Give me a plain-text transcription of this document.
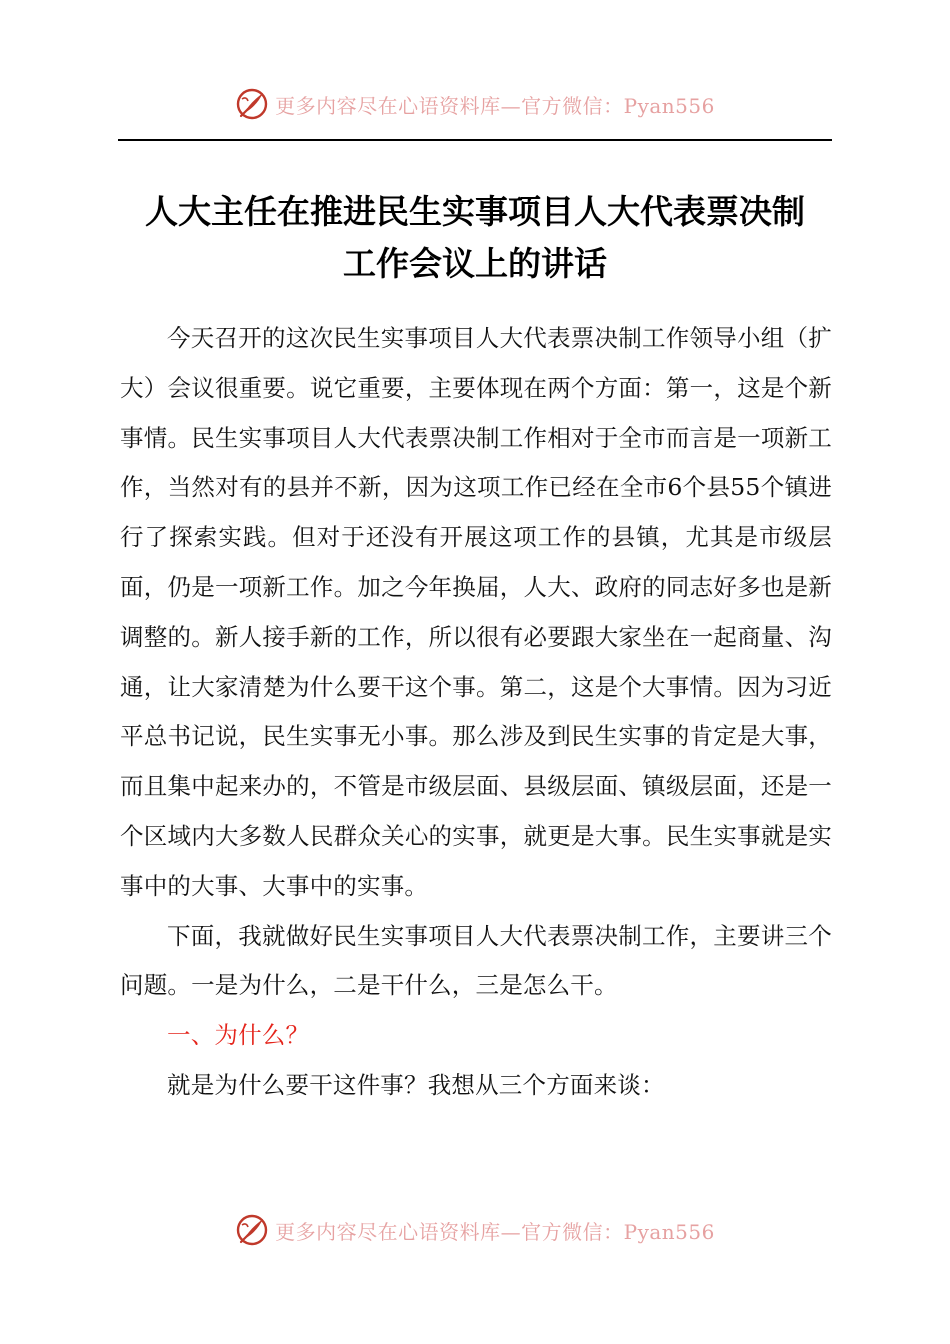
更多内容尽在心语资料库—官方微信：Pyan556
人大主任在推进民生实事项目人大代表票决制
工作会议上的讲话

今天召开的这次民生实事项目人大代表票决制工作领导小组（扩大）会议很重要。说它重要，主要体现在两个方面：第一，这是个新事情。民生实事项目人大代表票决制工作相对于全市而言是一项新工作，当然对有的县并不新，因为这项工作已经在全市6个县55个镇进行了探索实践。但对于还没有开展这项工作的县镇，尤其是市级层面，仍是一项新工作。加之今年换届，人大、政府的同志好多也是新调整的。新人接手新的工作，所以很有必要跟大家坐在一起商量、沟通，让大家清楚为什么要干这个事。第二，这是个大事情。因为习近平总书记说，民生实事无小事。那么涉及到民生实事的肯定是大事，而且集中起来办的，不管是市级层面、县级层面、镇级层面，还是一个区域内大多数人民群众关心的实事，就更是大事。民生实事就是实事中的大事、大事中的实事。

下面，我就做好民生实事项目人大代表票决制工作，主要讲三个问题。一是为什么，二是干什么，三是怎么干。

一、为什么？

就是为什么要干这件事？我想从三个方面来谈：

更多内容尽在心语资料库—官方微信：Pyan556
